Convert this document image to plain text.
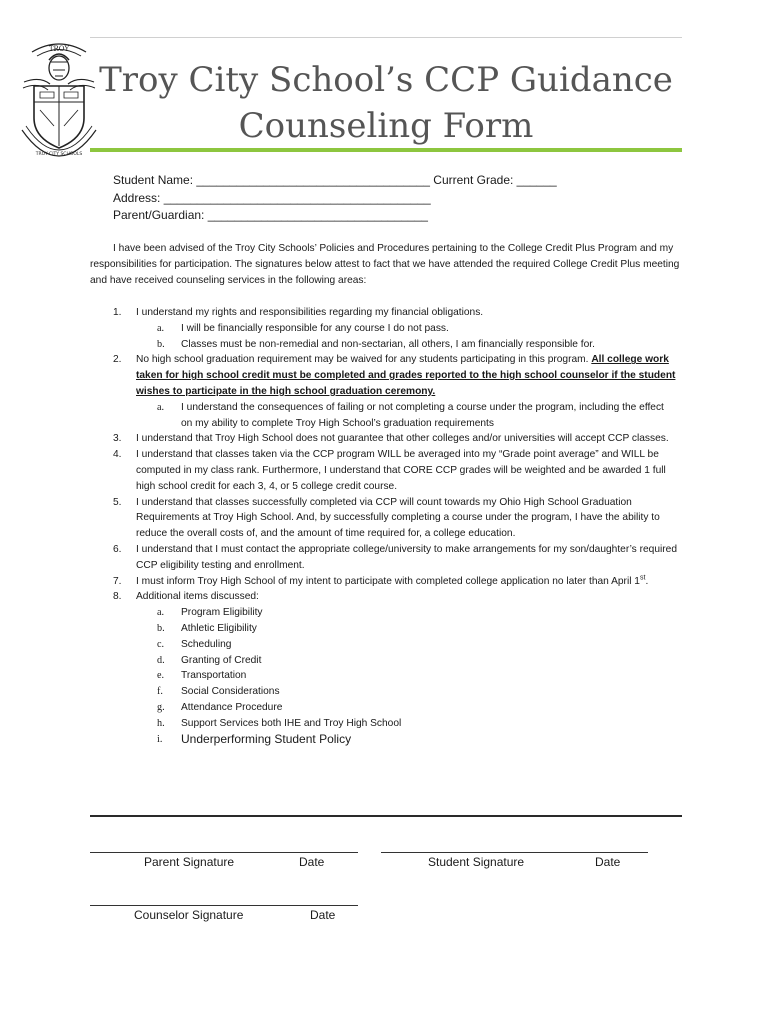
TROY
TROY CITY SCHOOLS
Troy City School’s CCP Guidance
Counseling Form
Student Name: ___________________________________ Current Grade: ______
Address: ________________________________________
Parent/Guardian: _________________________________
I have been advised of the Troy City Schools’ Policies and Procedures pertaining to the College Credit Plus Program and my responsibilities for participation. The signatures below attest to fact that we have attended the required College Credit Plus meeting and have received counseling services in the following areas:
1. I understand my rights and responsibilities regarding my financial obligations.
a. I will be financially responsible for any course I do not pass.
b. Classes must be non-remedial and non-sectarian, all others, I am financially responsible for.
2. No high school graduation requirement may be waived for any students participating in this program. All college work taken for high school credit must be completed and grades reported to the high school counselor if the student wishes to participate in the high school graduation ceremony.
a. I understand the consequences of failing or not completing a course under the program, including the effect on my ability to complete Troy High School’s graduation requirements
3. I understand that Troy High School does not guarantee that other colleges and/or universities will accept CCP classes.
4. I understand that classes taken via the CCP program WILL be averaged into my “Grade point average” and WILL be computed in my class rank. Furthermore, I understand that CORE CCP grades will be weighted and be awarded 1 full high school credit for each 3, 4, or 5 college credit course.
5. I understand that classes successfully completed via CCP will count towards my Ohio High School Graduation Requirements at Troy High School. And, by successfully completing a course under the program, I have the ability to reduce the overall costs of, and the amount of time required for, a college education.
6. I understand that I must contact the appropriate college/university to make arrangements for my son/daughter’s required CCP eligibility testing and enrollment.
7. I must inform Troy High School of my intent to participate with completed college application no later than April 1st.
8. Additional items discussed:
a. Program Eligibility
b. Athletic Eligibility
c. Scheduling
d. Granting of Credit
e. Transportation
f. Social Considerations
g. Attendance Procedure
h. Support Services both IHE and Troy High School
i. Underperforming Student Policy
Parent Signature	Date	Student Signature	Date
Counselor Signature	Date
